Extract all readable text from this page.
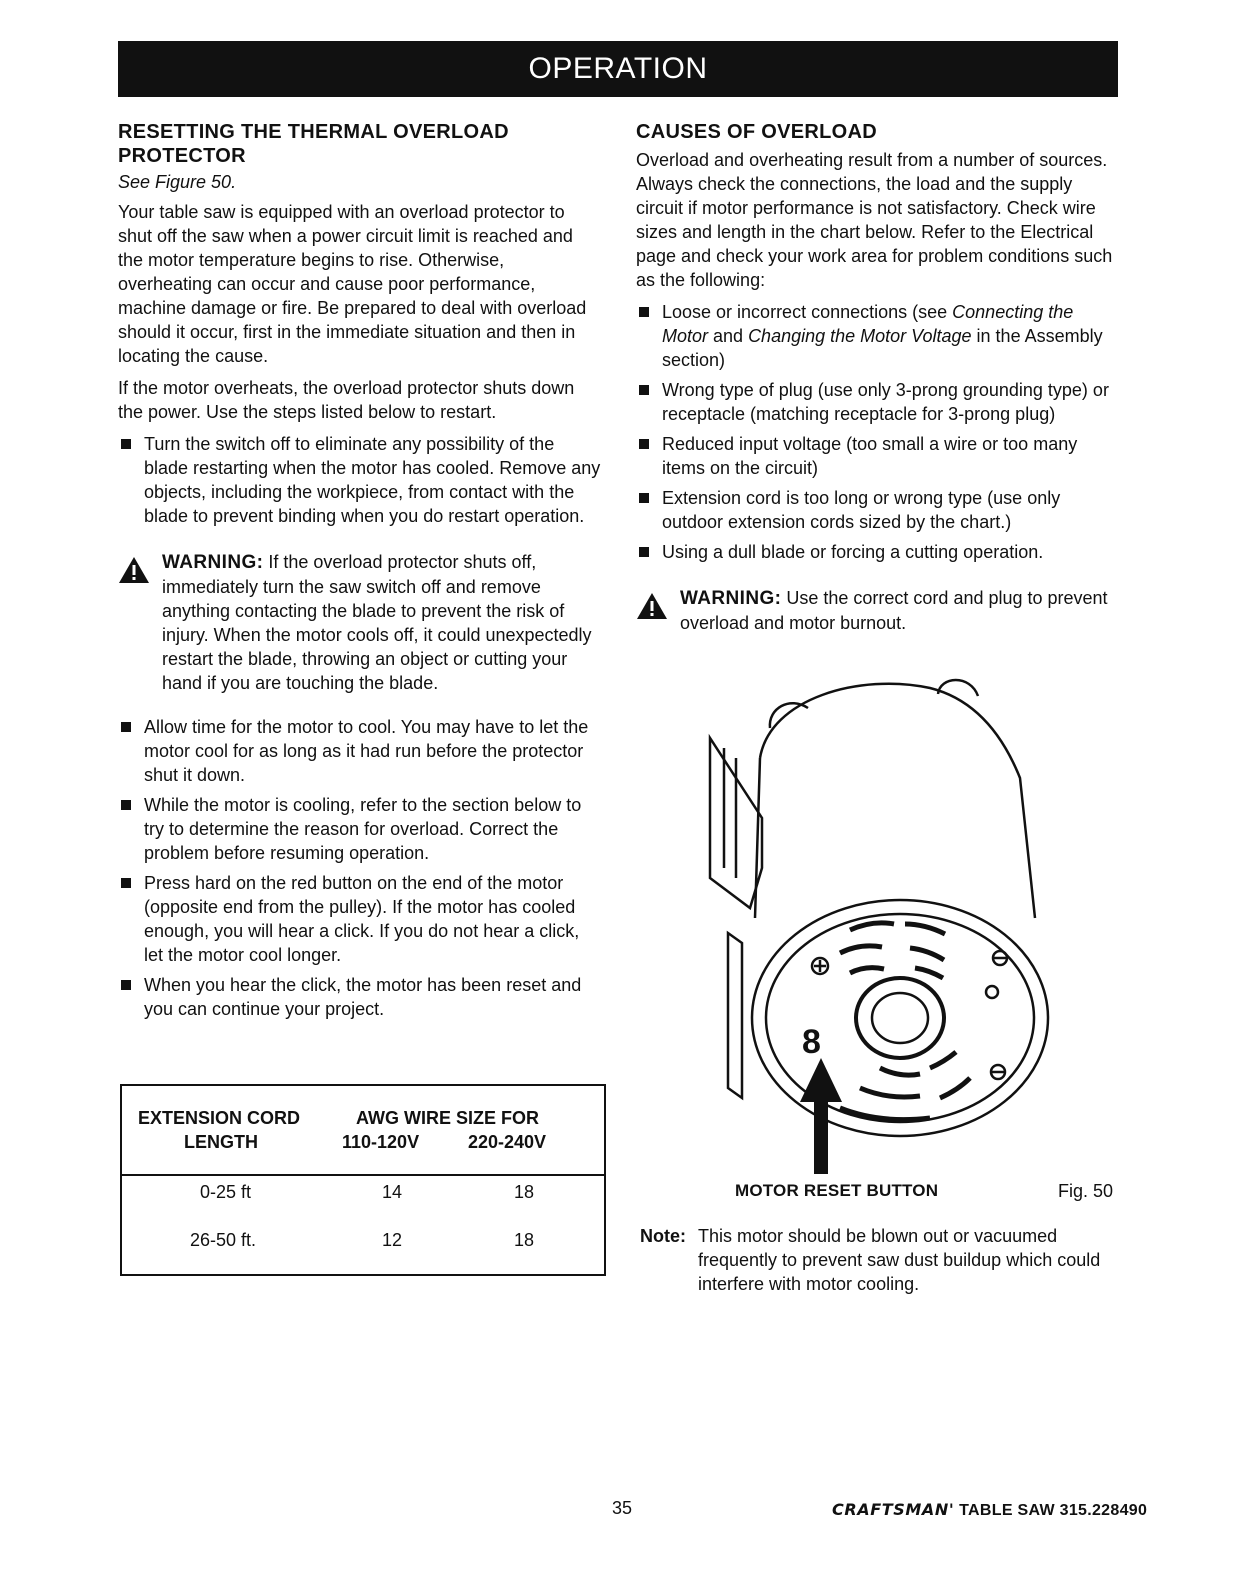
OPERATION
RESETTING THE THERMAL OVERLOAD
PROTECTOR

See Figure 50.

Your table saw is equipped with an overload protector to shut off the saw when a power circuit limit is reached and the motor temperature begins to rise. Otherwise, overheating can occur and cause poor performance, machine damage or fire. Be prepared to deal with overload should it occur, first in the immediate situation and then in locating the cause.

If the motor overheats, the overload protector shuts down the power. Use the steps listed below to restart.

Turn the switch off to eliminate any possibility of the blade restarting when the motor has cooled. Remove any objects, including the workpiece, from contact with the blade to prevent binding when you do restart operation.
WARNING: If the overload protector shuts off, immediately turn the saw switch off and remove anything contacting the blade to prevent the risk of injury. When the motor cools off, it could unexpectedly restart the blade, throwing an object or cutting your hand if you are touching the blade.
Allow time for the motor to cool. You may have to let the motor cool for as long as it had run before the protector shut it down.
While the motor is cooling, refer to the section below to try to determine the reason for overload. Correct the problem before resuming operation.
Press hard on the red button on the end of the motor (opposite end from the pulley). If the motor has cooled enough, you will hear a click. If you do not hear a click, let the motor cool longer.
When you hear the click, the motor has been reset and you can continue your project.
EXTENSION CORD
LENGTH
AWG WIRE SIZE FOR
110-120V	220-240V
0-25 ft	14	18
26-50 ft.	12	18
CAUSES OF OVERLOAD

Overload and overheating result from a number of sources. Always check the connections, the load and the supply circuit if motor performance is not satisfactory. Check wire sizes and length in the chart below. Refer to the Electrical page and check your work area for problem conditions such as the following:

Loose or incorrect connections (see Connecting the Motor and Changing the Motor Voltage in the Assembly section)
Wrong type of plug (use only 3-prong grounding type) or receptacle (matching receptacle for 3-prong plug)
Reduced input voltage (too small a wire or too many items on the circuit)
Extension cord is too long or wrong type (use only outdoor extension cords sized by the chart.)
Using a dull blade or forcing a cutting operation.
WARNING: Use the correct cord and plug to prevent overload and motor burnout.
8
MOTOR RESET BUTTON	Fig. 50
Note: This motor should be blown out or vacuumed frequently to prevent saw dust buildup which could interfere with motor cooling.
35	CRAFTSMAN' TABLE SAW 315.228490
